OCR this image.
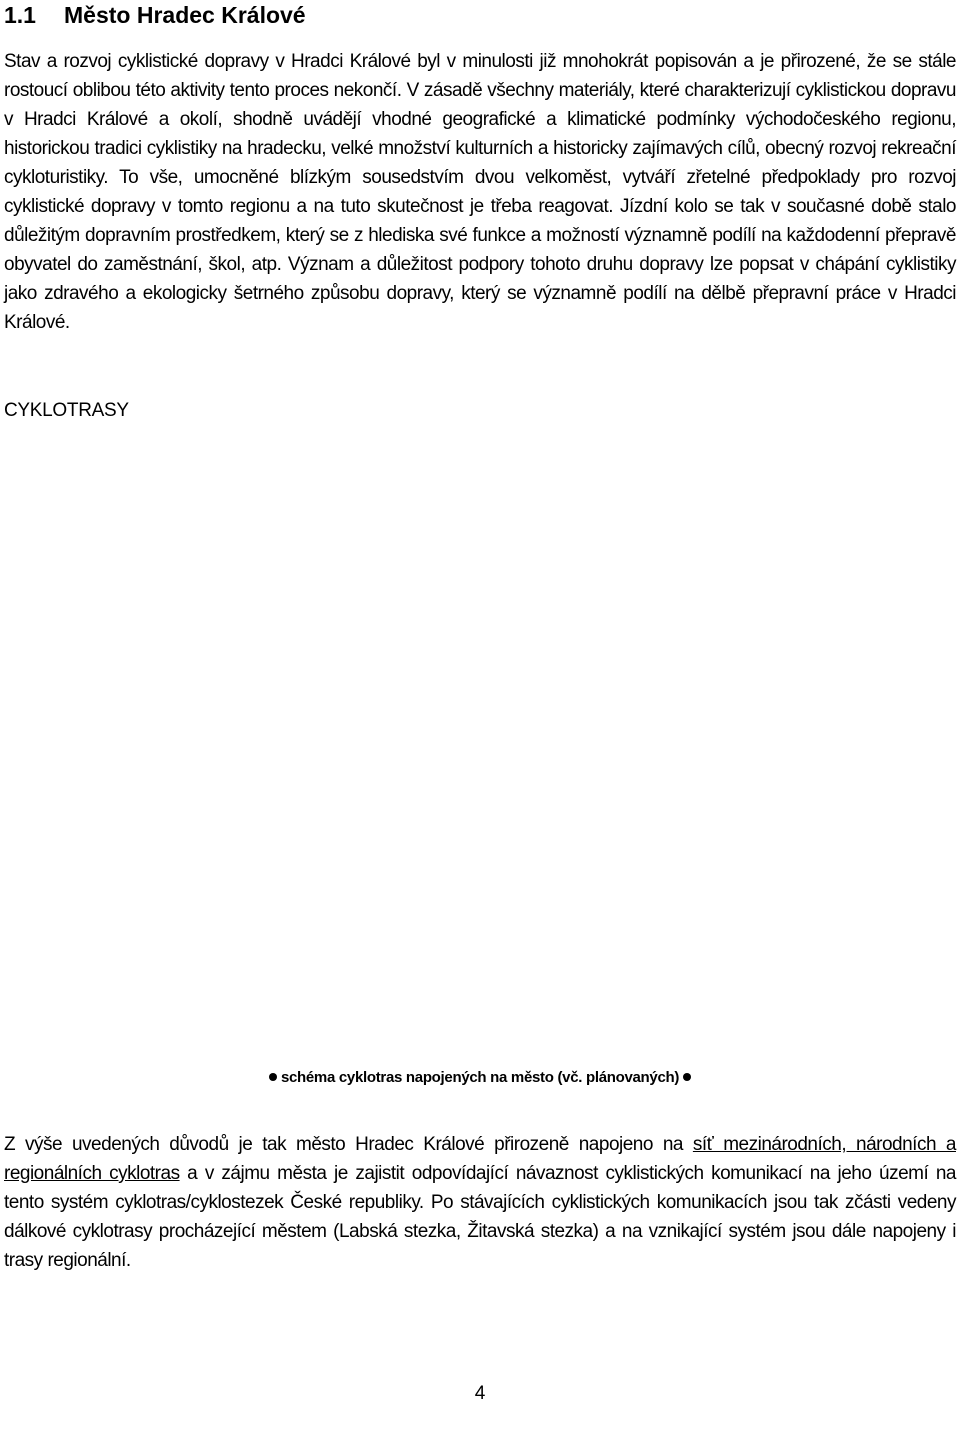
1.1 Město Hradec Králové

Stav a rozvoj cyklistické dopravy v Hradci Králové byl v minulosti již mnohokrát popisován a je přirozené, že se stále rostoucí oblibou této aktivity tento proces nekončí. V zásadě všechny materiály, které charakterizují cyklistickou dopravu v Hradci Králové a okolí, shodně uvádějí vhodné geografické a klimatické podmínky východočeského regionu, historickou tradici cyklistiky na hradecku, velké množství kulturních a historicky zajímavých cílů, obecný rozvoj rekreační cykloturistiky. To vše, umocněné blízkým sousedstvím dvou velkoměst, vytváří zřetelné předpoklady pro rozvoj cyklistické dopravy v tomto regionu a na tuto skutečnost je třeba reagovat. Jízdní kolo se tak v současné době stalo důležitým dopravním prostředkem, který se z hlediska své funkce a možností významně podílí na každodenní přepravě obyvatel do zaměstnání, škol, atp. Význam a důležitost podpory tohoto druhu dopravy lze popsat v chápání cyklistiky jako zdravého a ekologicky šetrného způsobu dopravy, který se významně podílí na dělbě přepravní práce v Hradci Králové.

CYKLOTRASY

schéma cyklotras napojených na město (vč. plánovaných)

Z výše uvedených důvodů je tak město Hradec Králové přirozeně napojeno na síť mezinárodních, národních a regionálních cyklotras a v zájmu města je zajistit odpovídající návaznost cyklistických komunikací na jeho území na tento systém cyklotras/cyklostezek České republiky. Po stávajících cyklistických komunikacích jsou tak zčásti vedeny dálkové cyklotrasy procházející městem (Labská stezka, Žitavská stezka) a na vznikající systém jsou dále napojeny i trasy regionální.

4
